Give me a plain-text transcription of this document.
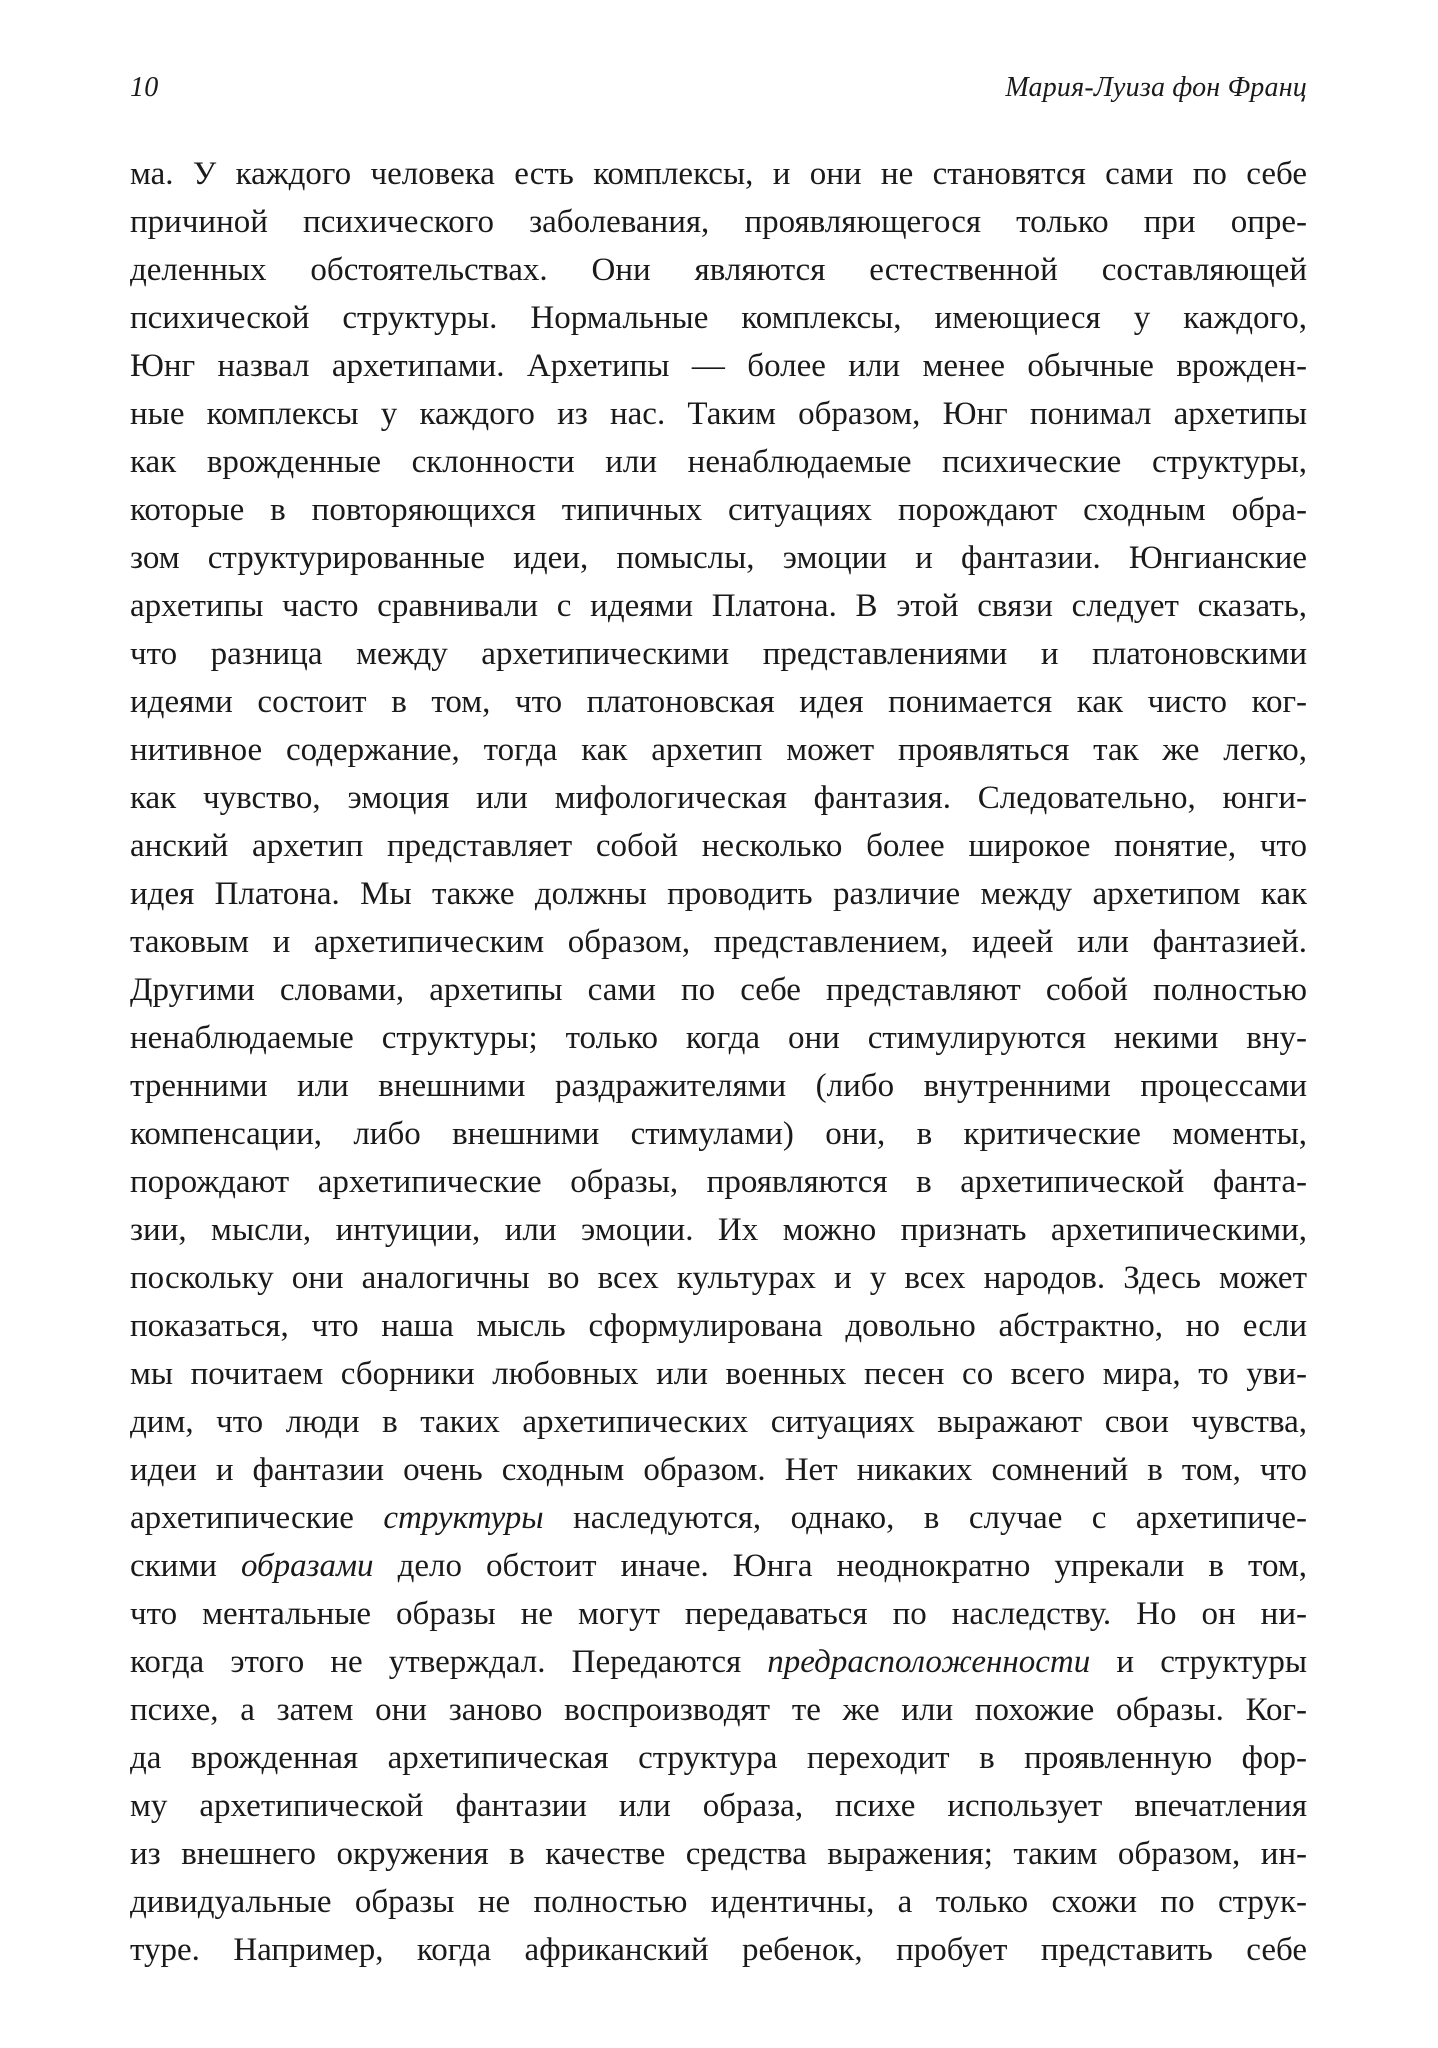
10	Мария-Луиза фон Франц
ма. У каждого человека есть комплексы, и они не становятся сами по себе
причиной психического заболевания, проявляющегося только при опре-
деленных обстоятельствах. Они являются естественной составляющей
психической структуры. Нормальные комплексы, имеющиеся у каждого,
Юнг назвал архетипами. Архетипы — более или менее обычные врожден-
ные комплексы у каждого из нас. Таким образом, Юнг понимал архетипы
как врожденные склонности или ненаблюдаемые психические структуры,
которые в повторяющихся типичных ситуациях порождают сходным обра-
зом структурированные идеи, помыслы, эмоции и фантазии. Юнгианские
архетипы часто сравнивали с идеями Платона. В этой связи следует сказать,
что разница между архетипическими представлениями и платоновскими
идеями состоит в том, что платоновская идея понимается как чисто ког-
нитивное содержание, тогда как архетип может проявляться так же легко,
как чувство, эмоция или мифологическая фантазия. Следовательно, юнги-
анский архетип представляет собой несколько более широкое понятие, что
идея Платона. Мы также должны проводить различие между архетипом как
таковым и архетипическим образом, представлением, идеей или фантазией.
Другими словами, архетипы сами по себе представляют собой полностью
ненаблюдаемые структуры; только когда они стимулируются некими вну-
тренними или внешними раздражителями (либо внутренними процессами
компенсации, либо внешними стимулами) они, в критические моменты,
порождают архетипические образы, проявляются в архетипической фанта-
зии, мысли, интуиции, или эмоции. Их можно признать архетипическими,
поскольку они аналогичны во всех культурах и у всех народов. Здесь может
показаться, что наша мысль сформулирована довольно абстрактно, но если
мы почитаем сборники любовных или военных песен со всего мира, то уви-
дим, что люди в таких архетипических ситуациях выражают свои чувства,
идеи и фантазии очень сходным образом. Нет никаких сомнений в том, что
архетипические структуры наследуются, однако, в случае с архетипиче-
скими образами дело обстоит иначе. Юнга неоднократно упрекали в том,
что ментальные образы не могут передаваться по наследству. Но он ни-
когда этого не утверждал. Передаются предрасположенности и структуры
психе, а затем они заново воспроизводят те же или похожие образы. Ког-
да врожденная архетипическая структура переходит в проявленную фор-
му архетипической фантазии или образа, психе использует впечатления
из внешнего окружения в качестве средства выражения; таким образом, ин-
дивидуальные образы не полностью идентичны, а только схожи по струк-
туре. Например, когда африканский ребенок, пробует представить себе
